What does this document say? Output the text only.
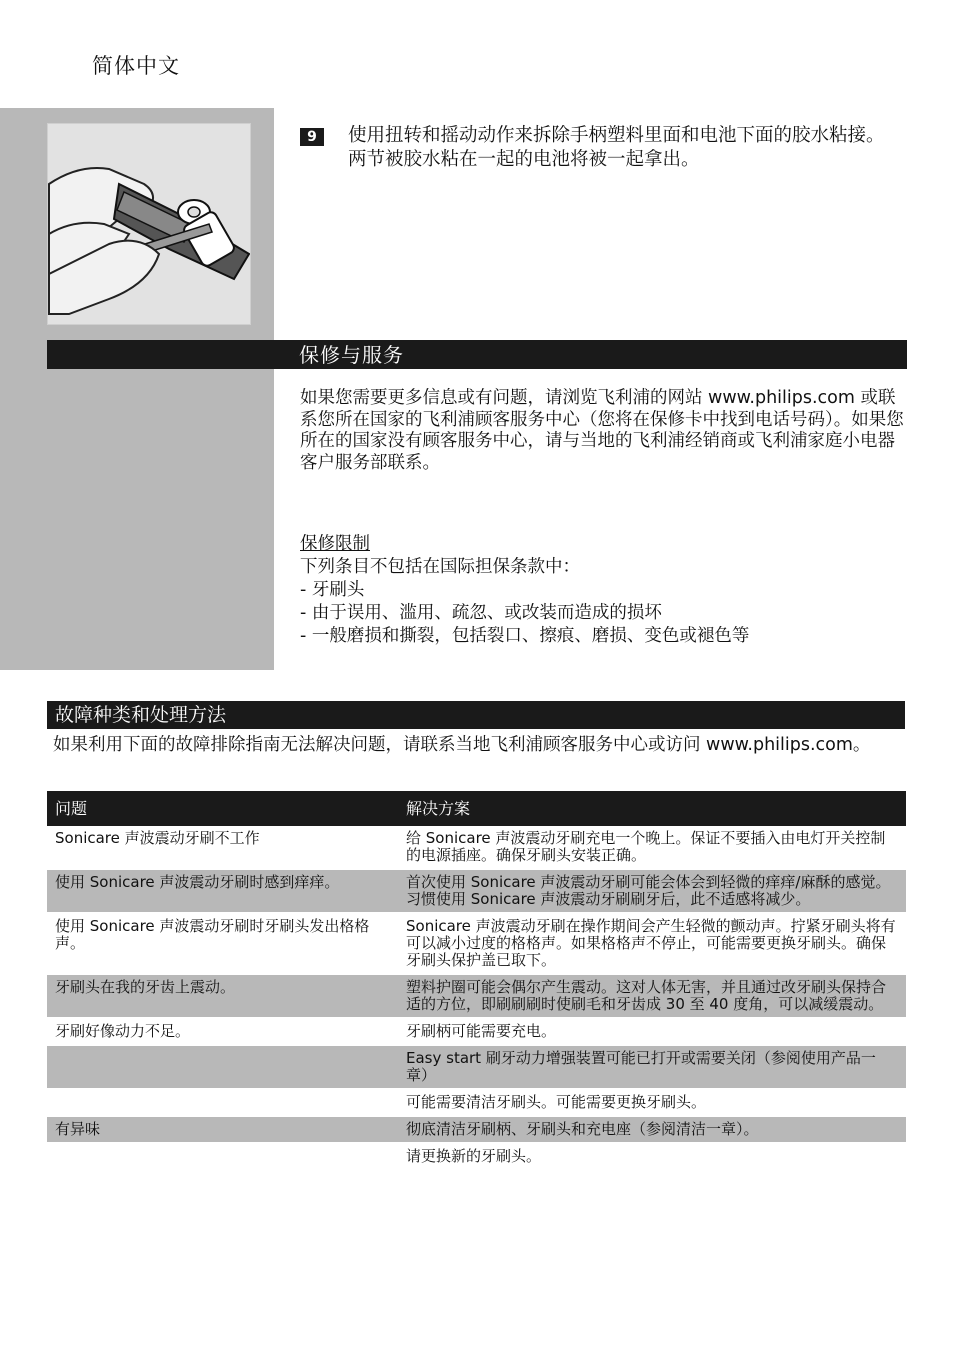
简体中文
9	使用扭转和摇动动作来拆除手柄塑料里面和电池下面的胶水粘接。两节被胶水粘在一起的电池将被一起拿出。
保修与服务

如果您需要更多信息或有问题，请浏览飞利浦的网站 www.philips.com 或联系您所在国家的飞利浦顾客服务中心（您将在保修卡中找到电话号码）。如果您所在的国家没有顾客服务中心，请与当地的飞利浦经销商或飞利浦家庭小电器客户服务部联系。

保修限制
下列条目不包括在国际担保条款中：
- 牙刷头
- 由于误用、滥用、疏忽、或改装而造成的损坏
- 一般磨损和撕裂，包括裂口、擦痕、磨损、变色或褪色等
故障种类和处理方法

如果利用下面的故障排除指南无法解决问题，请联系当地飞利浦顾客服务中心或访问 www.philips.com。

问题	解决方案
Sonicare 声波震动牙刷不工作	给 Sonicare 声波震动牙刷充电一个晚上。保证不要插入由电灯开关控制的电源插座。确保牙刷头安装正确。
使用 Sonicare 声波震动牙刷时感到痒痒。	首次使用 Sonicare 声波震动牙刷可能会体会到轻微的痒痒/麻酥的感觉。习惯使用 Sonicare 声波震动牙刷刷牙后，此不适感将减少。
使用 Sonicare 声波震动牙刷时牙刷头发出格格声。	Sonicare 声波震动牙刷在操作期间会产生轻微的颤动声。拧紧牙刷头将有可以减小过度的格格声。如果格格声不停止，可能需要更换牙刷头。确保牙刷头保护盖已取下。
牙刷头在我的牙齿上震动。	塑料护圈可能会偶尔产生震动。这对人体无害，并且通过改牙刷头保持合适的方位，即刷刷刷时使刷毛和牙齿成 30 至 40 度角，可以减缓震动。
牙刷好像动力不足。	牙刷柄可能需要充电。
	Easy start 刷牙动力增强装置可能已打开或需要关闭（参阅使用产品一章）
	可能需要清洁牙刷头。可能需要更换牙刷头。
有异味	彻底清洁牙刷柄、牙刷头和充电座（参阅清洁一章）。
	请更换新的牙刷头。
